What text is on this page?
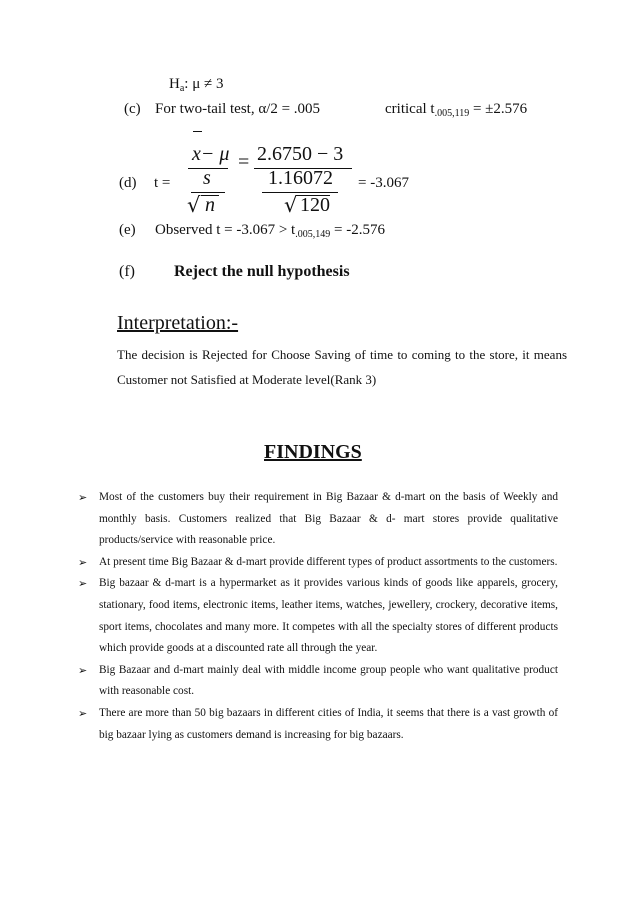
$H_a$: μ ≠ 3
(c) For two-tail test, α/2 = .005	critical $t_{.005,119} = \pm 2.576$
(d) t =
x− μ
s
√ n
= 2.6750 − 3
1.16072
√ 120
= -3.067
(e) Observed $t = -3.067 > t_{.005,149} = -2.576$
(f) Reject the null hypothesis
Interpretation:-
The decision is Rejected for Choose Saving of time to coming to the store, it means Customer not Satisfied at Moderate level(Rank 3)
FINDINGS
➢ Most of the customers buy their requirement in Big Bazaar & d-mart on the basis of Weekly and monthly basis. Customers realized that Big Bazaar & d- mart stores provide qualitative products/service with reasonable price.
➢ At present time Big Bazaar & d-mart provide different types of product assortments to the customers.
➢ Big bazaar & d-mart is a hypermarket as it provides various kinds of goods like apparels, grocery, stationary, food items, electronic items, leather items, watches, jewellery, crockery, decorative items, sport items, chocolates and many more. It competes with all the specialty stores of different products which provide goods at a discounted rate all through the year.
➢ Big Bazaar and d-mart mainly deal with middle income group people who want qualitative product with reasonable cost.
➢ There are more than 50 big bazaars in different cities of India, it seems that there is a vast growth of big bazaar lying as customers demand is increasing for big bazaars.
